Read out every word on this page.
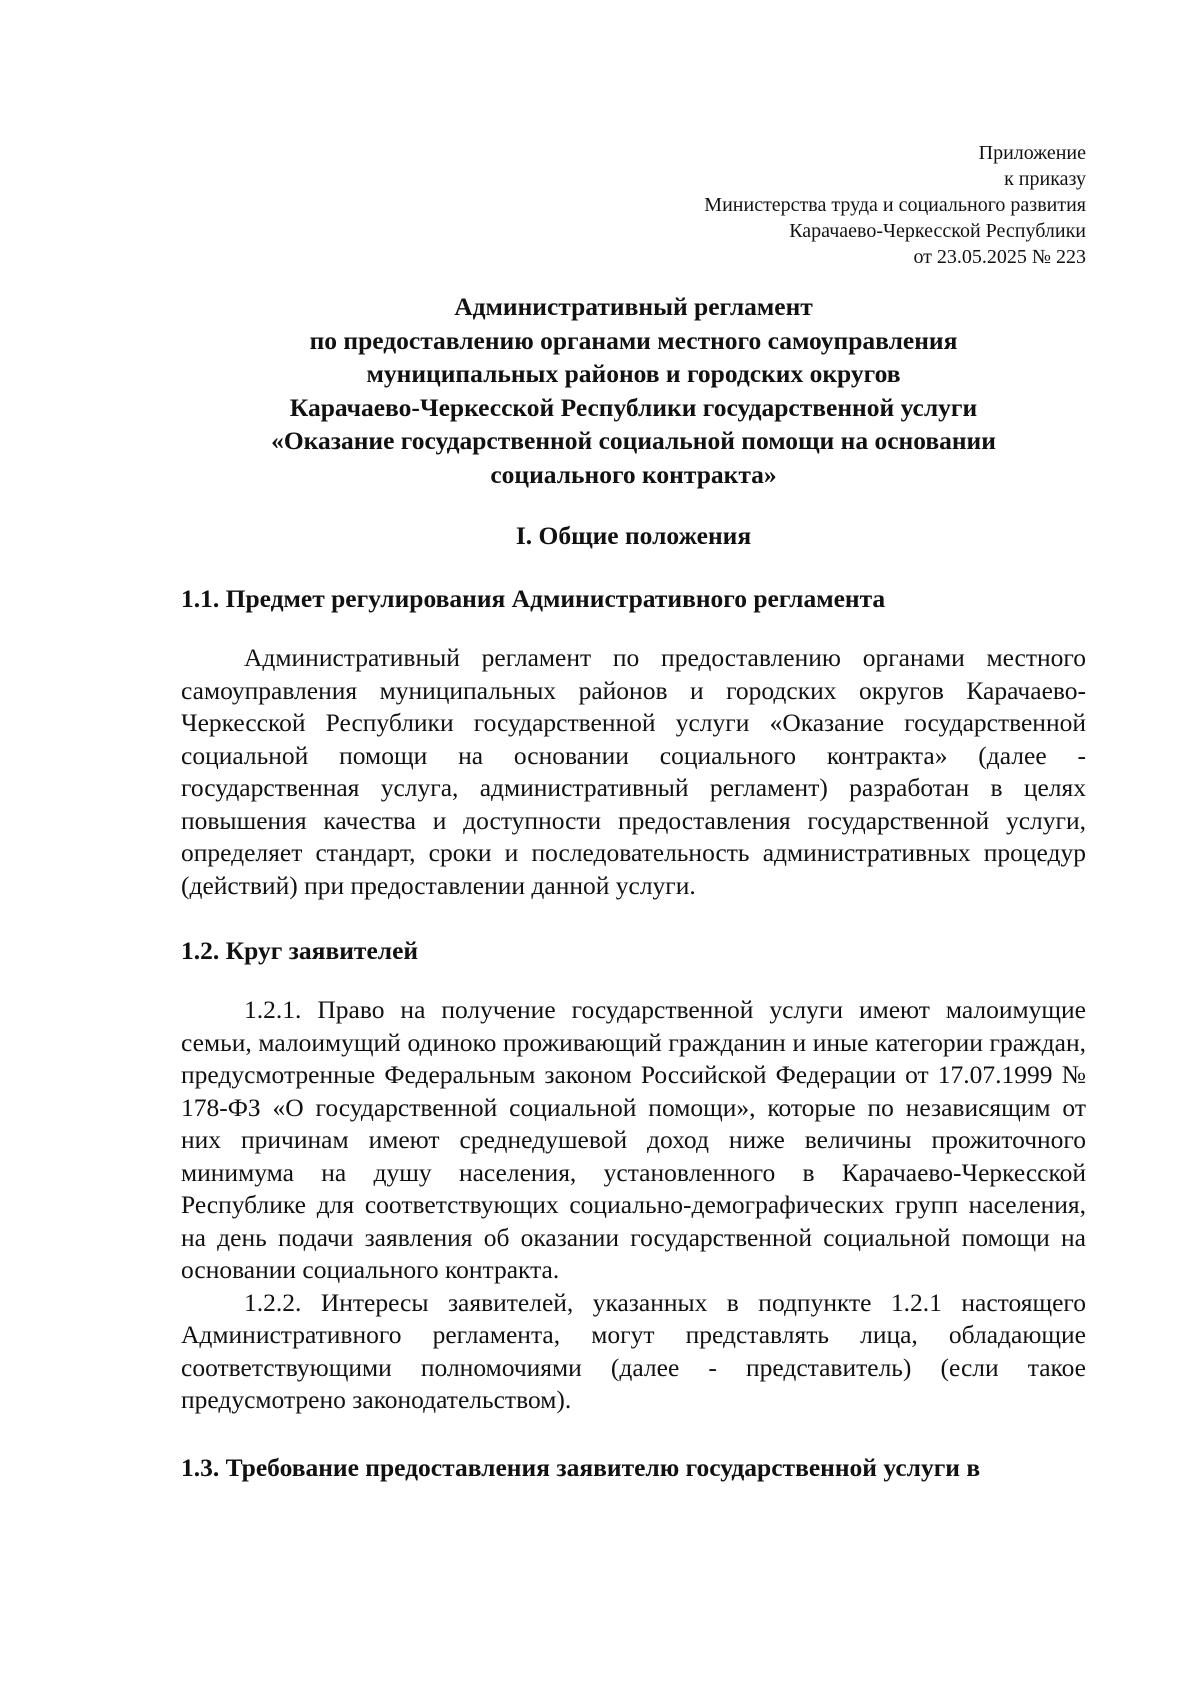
Приложение
к приказу
Министерства труда и социального развития
Карачаево-Черкесской Республики
от 23.05.2025 № 223
Административный регламент
по предоставлению органами местного самоуправления
муниципальных районов и городских округов
Карачаево-Черкесской Республики государственной услуги
«Оказание государственной социальной помощи на основании
социального контракта»
I. Общие положения
1.1. Предмет регулирования Административного регламента

Административный регламент по предоставлению органами местного самоуправления муниципальных районов и городских округов Карачаево-Черкесской Республики государственной услуги «Оказание государственной социальной помощи на основании социального контракта» (далее - государственная услуга, административный регламент) разработан в целях повышения качества и доступности предоставления государственной услуги, определяет стандарт, сроки и последовательность административных процедур (действий) при предоставлении данной услуги.

1.2. Круг заявителей

1.2.1. Право на получение государственной услуги имеют малоимущие семьи, малоимущий одиноко проживающий гражданин и иные категории граждан, предусмотренные Федеральным законом Российской Федерации от 17.07.1999 № 178-ФЗ «О государственной социальной помощи», которые по независящим от них причинам имеют среднедушевой доход ниже величины прожиточного минимума на душу населения, установленного в Карачаево-Черкесской Республике для соответствующих социально-демографических групп населения, на день подачи заявления об оказании государственной социальной помощи на основании социального контракта.

1.2.2. Интересы заявителей, указанных в подпункте 1.2.1 настоящего Административного регламента, могут представлять лица, обладающие соответствующими полномочиями (далее - представитель) (если такое предусмотрено законодательством).

1.3. Требование предоставления заявителю государственной услуги в
